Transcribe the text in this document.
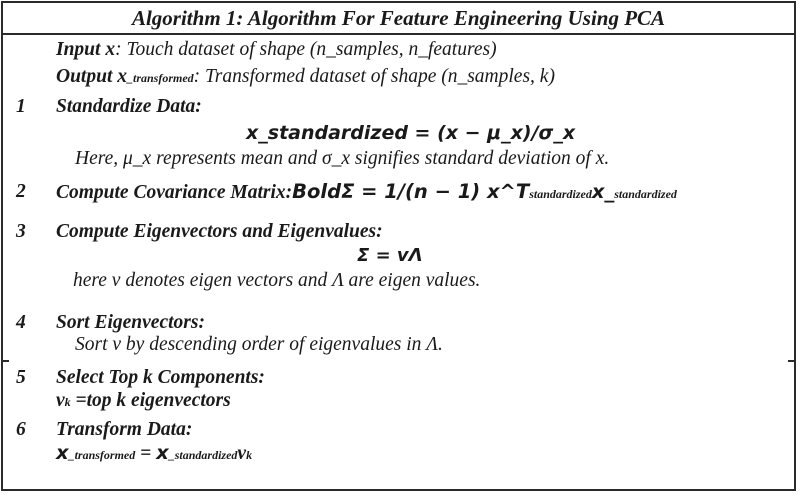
Algorithm 1: Algorithm For Feature Engineering Using PCA
Input x: Touch dataset of shape (n_samples, n_features)
Output x_transformed: Transformed dataset of shape (n_samples, k)
1 Standardize Data:
x_standardized = (x − μ_x)/σ_x
Here, μ_x represents mean and σ_x signifies standard deviation of x.
2 Compute Covariance Matrix:BoldΣ = 1/(n − 1) x^Tstandardizedx_standardized
3 Compute Eigenvectors and Eigenvalues:
Σ = vΛ
here v denotes eigen vectors and Λ are eigen values.
4 Sort Eigenvectors:
Sort v by descending order of eigenvalues in Λ.
5 Select Top k Components:
vk =top k eigenvectors
6 Transform Data:
x_transformed = x_standardizedvk
